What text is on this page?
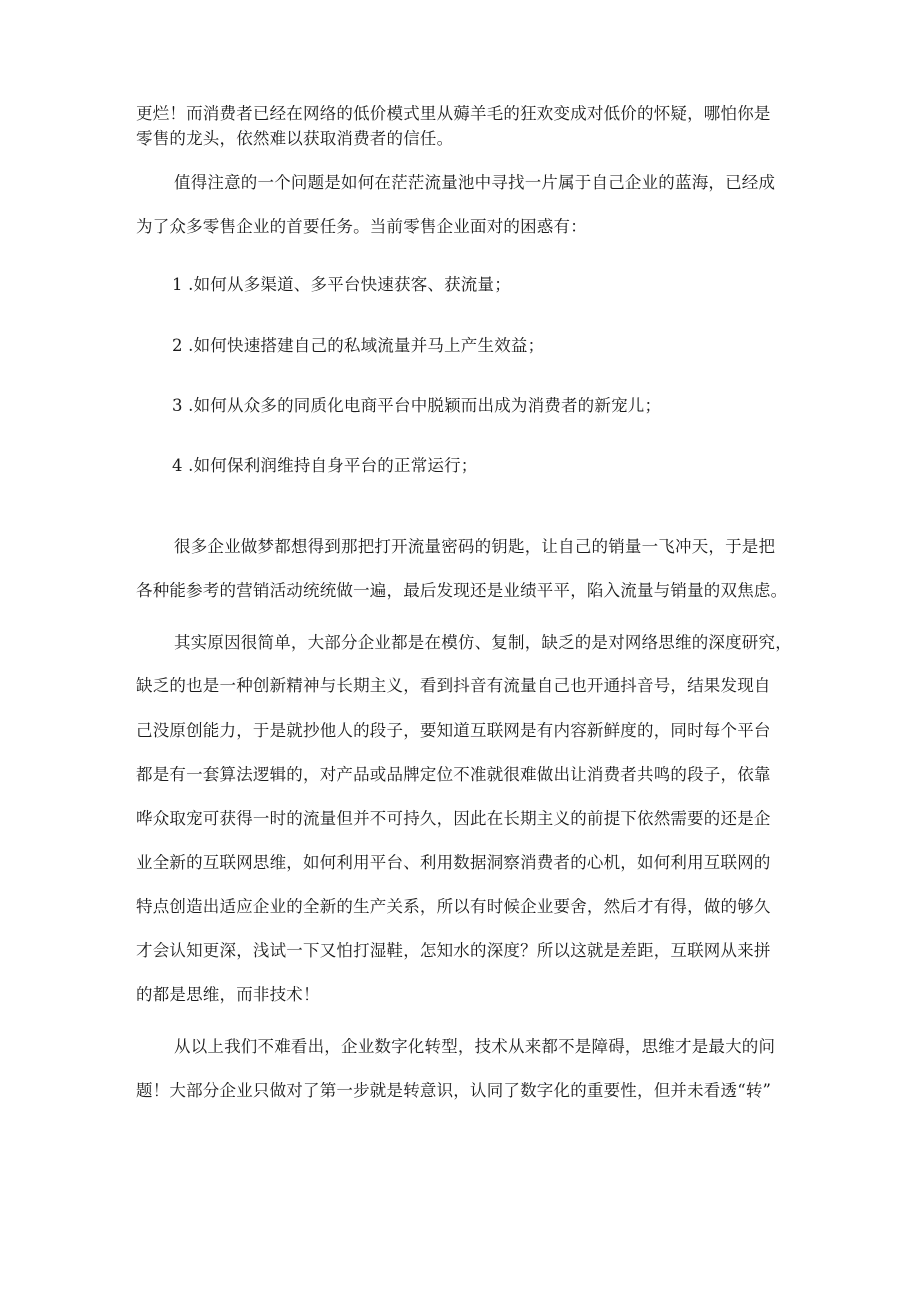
更烂！而消费者已经在网络的低价模式里从薅羊毛的狂欢变成对低价的怀疑，哪怕你是
零售的龙头，依然难以获取消费者的信任。
值得注意的一个问题是如何在茫茫流量池中寻找一片属于自己企业的蓝海，已经成
为了众多零售企业的首要任务。当前零售企业面对的困惑有：
1 .如何从多渠道、多平台快速获客、获流量；
2 .如何快速搭建自己的私域流量并马上产生效益；
3 .如何从众多的同质化电商平台中脱颖而出成为消费者的新宠儿；
4 .如何保利润维持自身平台的正常运行；
很多企业做梦都想得到那把打开流量密码的钥匙，让自己的销量一飞冲天，于是把
各种能参考的营销活动统统做一遍，最后发现还是业绩平平，陷入流量与销量的双焦虑。
其实原因很简单，大部分企业都是在模仿、复制，缺乏的是对网络思维的深度研究，
缺乏的也是一种创新精神与长期主义，看到抖音有流量自己也开通抖音号，结果发现自
己没原创能力，于是就抄他人的段子，要知道互联网是有内容新鲜度的，同时每个平台
都是有一套算法逻辑的，对产品或品牌定位不准就很难做出让消费者共鸣的段子，依靠
哗众取宠可获得一时的流量但并不可持久，因此在长期主义的前提下依然需要的还是企
业全新的互联网思维，如何利用平台、利用数据洞察消费者的心机，如何利用互联网的
特点创造出适应企业的全新的生产关系，所以有时候企业要舍，然后才有得，做的够久
才会认知更深，浅试一下又怕打湿鞋，怎知水的深度？所以这就是差距，互联网从来拼
的都是思维，而非技术！
从以上我们不难看出，企业数字化转型，技术从来都不是障碍，思维才是最大的问
题！大部分企业只做对了第一步就是转意识，认同了数字化的重要性，但并未看透“转”
